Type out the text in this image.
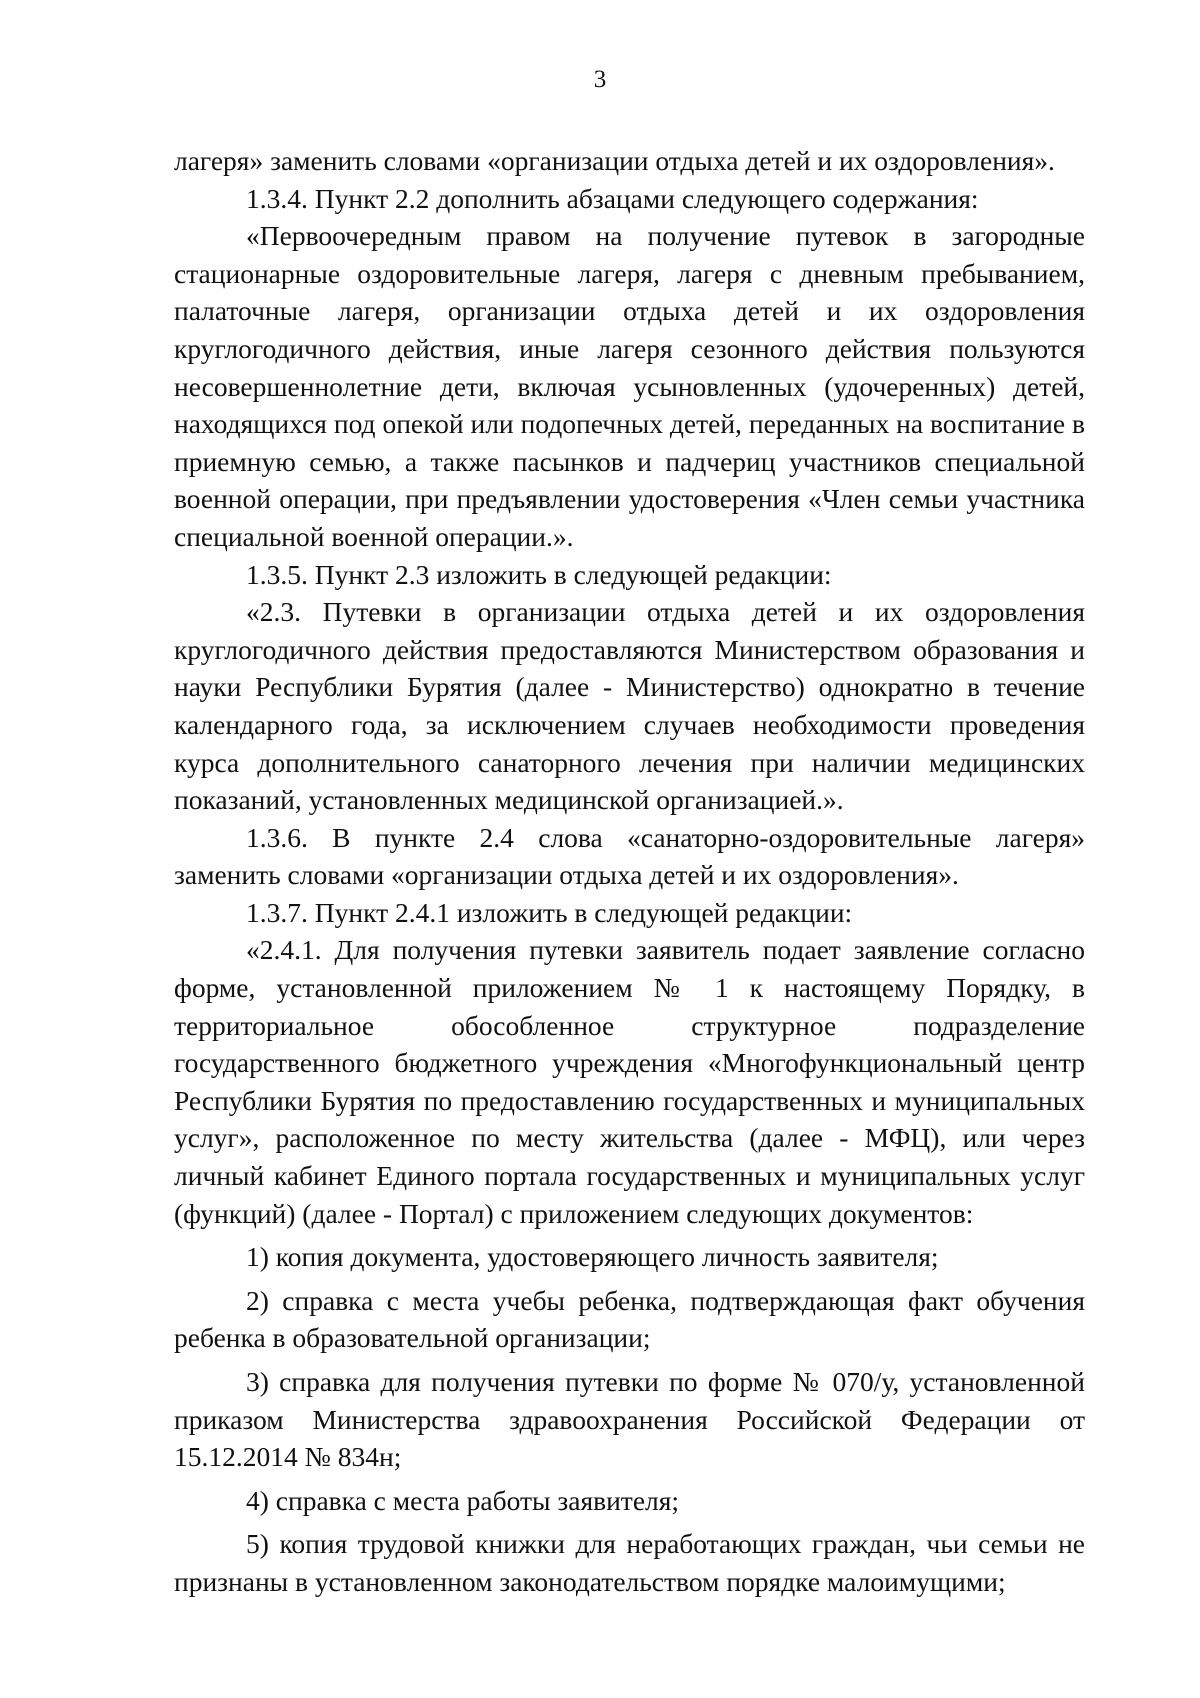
3

лагеря» заменить словами «организации отдыха детей и их оздоровления».

1.3.4. Пункт 2.2 дополнить абзацами следующего содержания:

«Первоочередным правом на получение путевок в загородные стационарные оздоровительные лагеря, лагеря с дневным пребыванием, палаточные лагеря, организации отдыха детей и их оздоровления круглогодичного действия, иные лагеря сезонного действия пользуются несовершеннолетние дети, включая усыновленных (удочеренных) детей, находящихся под опекой или подопечных детей, переданных на воспитание в приемную семью, а также пасынков и падчериц участников специальной военной операции, при предъявлении удостоверения «Член семьи участника специальной военной операции.».

1.3.5. Пункт 2.3 изложить в следующей редакции:

«2.3. Путевки в организации отдыха детей и их оздоровления круглогодичного действия предоставляются Министерством образования и науки Республики Бурятия (далее - Министерство) однократно в течение календарного года, за исключением случаев необходимости проведения курса дополнительного санаторного лечения при наличии медицинских показаний, установленных медицинской организацией.».

1.3.6. В пункте 2.4 слова «санаторно-оздоровительные лагеря» заменить словами «организации отдыха детей и их оздоровления».

1.3.7. Пункт 2.4.1 изложить в следующей редакции:

«2.4.1. Для получения путевки заявитель подает заявление согласно форме, установленной приложением № 1 к настоящему Порядку, в территориальное обособленное структурное подразделение государственного бюджетного учреждения «Многофункциональный центр Республики Бурятия по предоставлению государственных и муниципальных услуг», расположенное по месту жительства (далее - МФЦ), или через личный кабинет Единого портала государственных и муниципальных услуг (функций) (далее - Портал) с приложением следующих документов:

1) копия документа, удостоверяющего личность заявителя;

2) справка с места учебы ребенка, подтверждающая факт обучения ребенка в образовательной организации;

3) справка для получения путевки по форме № 070/у, установленной приказом Министерства здравоохранения Российской Федерации от 15.12.2014 № 834н;

4) справка с места работы заявителя;

5) копия трудовой книжки для неработающих граждан, чьи семьи не признаны в установленном законодательством порядке малоимущими;
